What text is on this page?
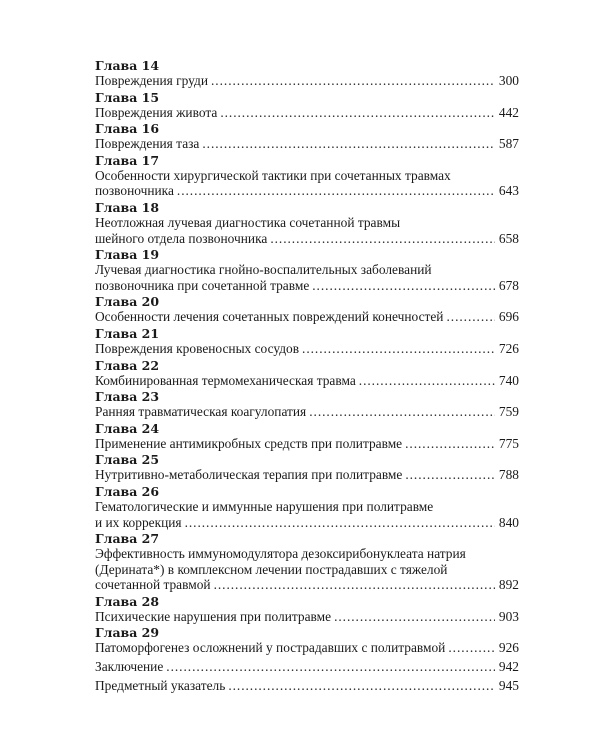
Глава 14
Повреждения груди . . .	300
Глава 15
Повреждения живота . . .	442
Глава 16
Повреждения таза . . .	587
Глава 17
Особенности хирургической тактики при сочетанных травмах
позвоночника . . .	643
Глава 18
Неотложная лучевая диагностика сочетанной травмы
шейного отдела позвоночника . . .	658
Глава 19
Лучевая диагностика гнойно-воспалительных заболеваний
позвоночника при сочетанной травме . . .	678
Глава 20
Особенности лечения сочетанных повреждений конечностей . . .	696
Глава 21
Повреждения кровеносных сосудов . . .	726
Глава 22
Комбинированная термомеханическая травма . . .	740
Глава 23
Ранняя травматическая коагулопатия . . .	759
Глава 24
Применение антимикробных средств при политравме . . .	775
Глава 25
Нутритивно-метаболическая терапия при политравме . . .	788
Глава 26
Гематологические и иммунные нарушения при политравме
и их коррекция . . .	840
Глава 27
Эффективность иммуномодулятора дезоксирибонуклеата натрия
(Дерината*) в комплексном лечении пострадавших с тяжелой
сочетанной травмой . . .	892
Глава 28
Психические нарушения при политравме . . .	903
Глава 29
Патоморфогенез осложнений у пострадавших с политравмой . . .	926
Заключение . . .	942
Предметный указатель . . .	945
